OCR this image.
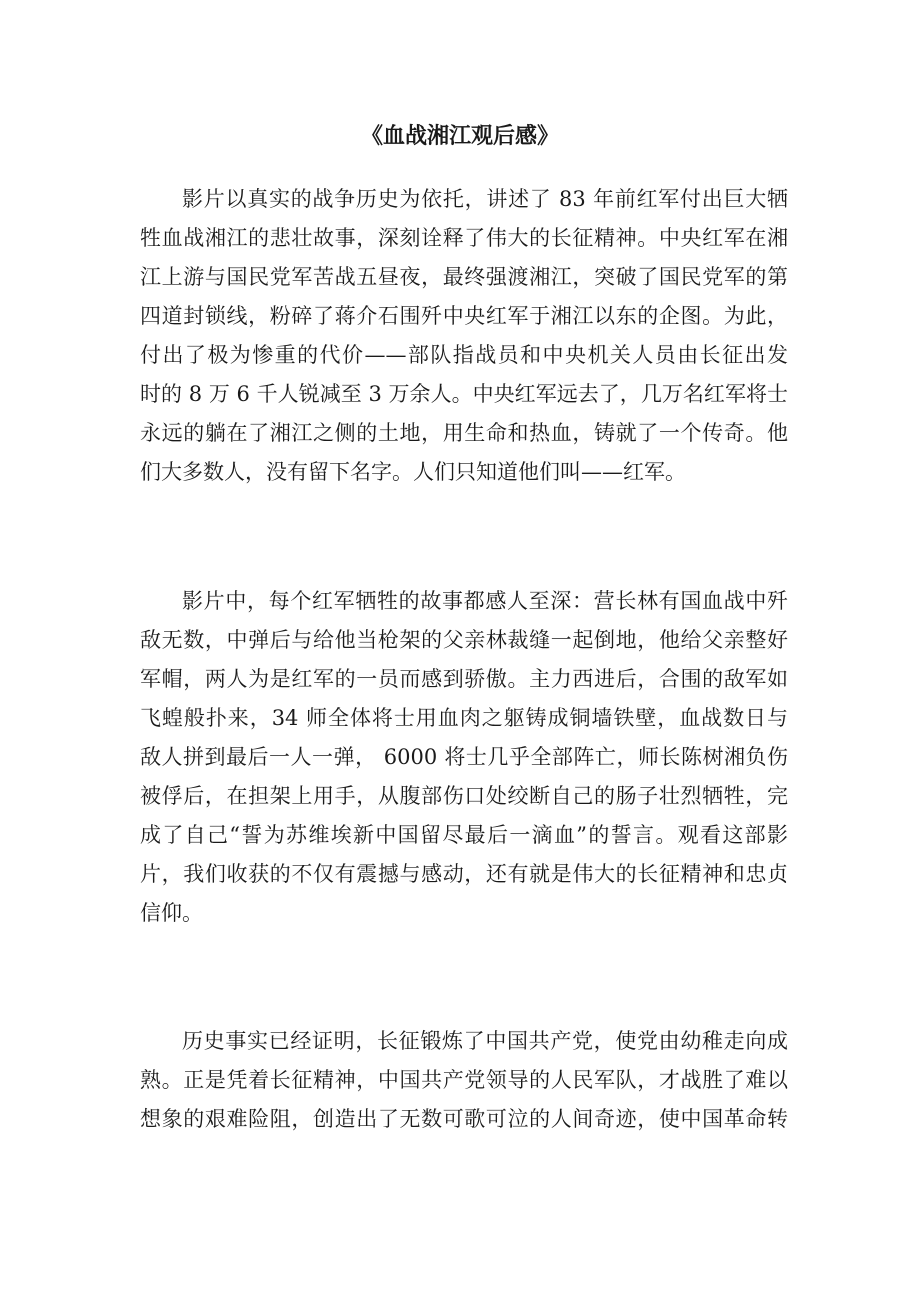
《血战湘江观后感》
影片以真实的战争历史为依托，讲述了 83 年前红军付出巨大牺
牲血战湘江的悲壮故事，深刻诠释了伟大的长征精神。中央红军在湘
江上游与国民党军苦战五昼夜，最终强渡湘江，突破了国民党军的第
四道封锁线，粉碎了蒋介石围歼中央红军于湘江以东的企图。为此，
付出了极为惨重的代价——部队指战员和中央机关人员由长征出发
时的 8 万 6 千人锐减至 3 万余人。中央红军远去了，几万名红军将士
永远的躺在了湘江之侧的土地，用生命和热血，铸就了一个传奇。他
们大多数人，没有留下名字。人们只知道他们叫——红军。
影片中，每个红军牺牲的故事都感人至深：营长林有国血战中歼
敌无数，中弹后与给他当枪架的父亲林裁缝一起倒地，他给父亲整好
军帽，两人为是红军的一员而感到骄傲。主力西进后，合围的敌军如
飞蝗般扑来，34 师全体将士用血肉之躯铸成铜墙铁壁，血战数日与
敌人拼到最后一人一弹， 6000 将士几乎全部阵亡，师长陈树湘负伤
被俘后，在担架上用手，从腹部伤口处绞断自己的肠子壮烈牺牲，完
成了自己“誓为苏维埃新中国留尽最后一滴血”的誓言。观看这部影
片，我们收获的不仅有震撼与感动，还有就是伟大的长征精神和忠贞
信仰。
历史事实已经证明，长征锻炼了中国共产党，使党由幼稚走向成
熟。正是凭着长征精神，中国共产党领导的人民军队，才战胜了难以
想象的艰难险阻，创造出了无数可歌可泣的人间奇迹，使中国革命转
